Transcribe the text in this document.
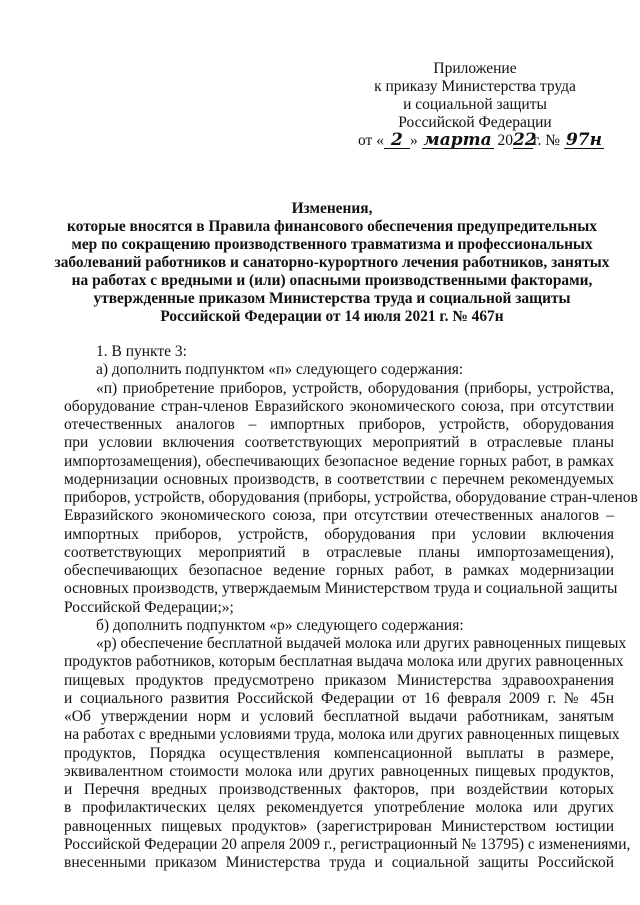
Приложение
к приказу Министерства труда
и социальной защиты
Российской Федерации
от « 2 » марта 2022г. № 97н
Изменения,
которые вносятся в Правила финансового обеспечения предупредительных
мер по сокращению производственного травматизма и профессиональных
заболеваний работников и санаторно-курортного лечения работников, занятых
на работах с вредными и (или) опасными производственными факторами,
утвержденные приказом Министерства труда и социальной защиты
Российской Федерации от 14 июля 2021 г. № 467н
1. В пункте 3:
а) дополнить подпунктом «п» следующего содержания:
«п) приобретение приборов, устройств, оборудования (приборы, устройства,
оборудование стран-членов Евразийского экономического союза, при отсутствии
отечественных аналогов – импортных приборов, устройств, оборудования
при условии включения соответствующих мероприятий в отраслевые планы
импортозамещения), обеспечивающих безопасное ведение горных работ, в рамках
модернизации основных производств, в соответствии с перечнем рекомендуемых
приборов, устройств, оборудования (приборы, устройства, оборудование стран-членов
Евразийского экономического союза, при отсутствии отечественных аналогов –
импортных приборов, устройств, оборудования при условии включения
соответствующих мероприятий в отраслевые планы импортозамещения),
обеспечивающих безопасное ведение горных работ, в рамках модернизации
основных производств, утверждаемым Министерством труда и социальной защиты
Российской Федерации;»;
б) дополнить подпунктом «р» следующего содержания:
«р) обеспечение бесплатной выдачей молока или других равноценных пищевых
продуктов работников, которым бесплатная выдача молока или других равноценных
пищевых продуктов предусмотрено приказом Министерства здравоохранения
и социального развития Российской Федерации от 16 февраля 2009 г. № 45н
«Об утверждении норм и условий бесплатной выдачи работникам, занятым
на работах с вредными условиями труда, молока или других равноценных пищевых
продуктов, Порядка осуществления компенсационной выплаты в размере,
эквивалентном стоимости молока или других равноценных пищевых продуктов,
и Перечня вредных производственных факторов, при воздействии которых
в профилактических целях рекомендуется употребление молока или других
равноценных пищевых продуктов» (зарегистрирован Министерством юстиции
Российской Федерации 20 апреля 2009 г., регистрационный № 13795) с изменениями,
внесенными приказом Министерства труда и социальной защиты Российской
